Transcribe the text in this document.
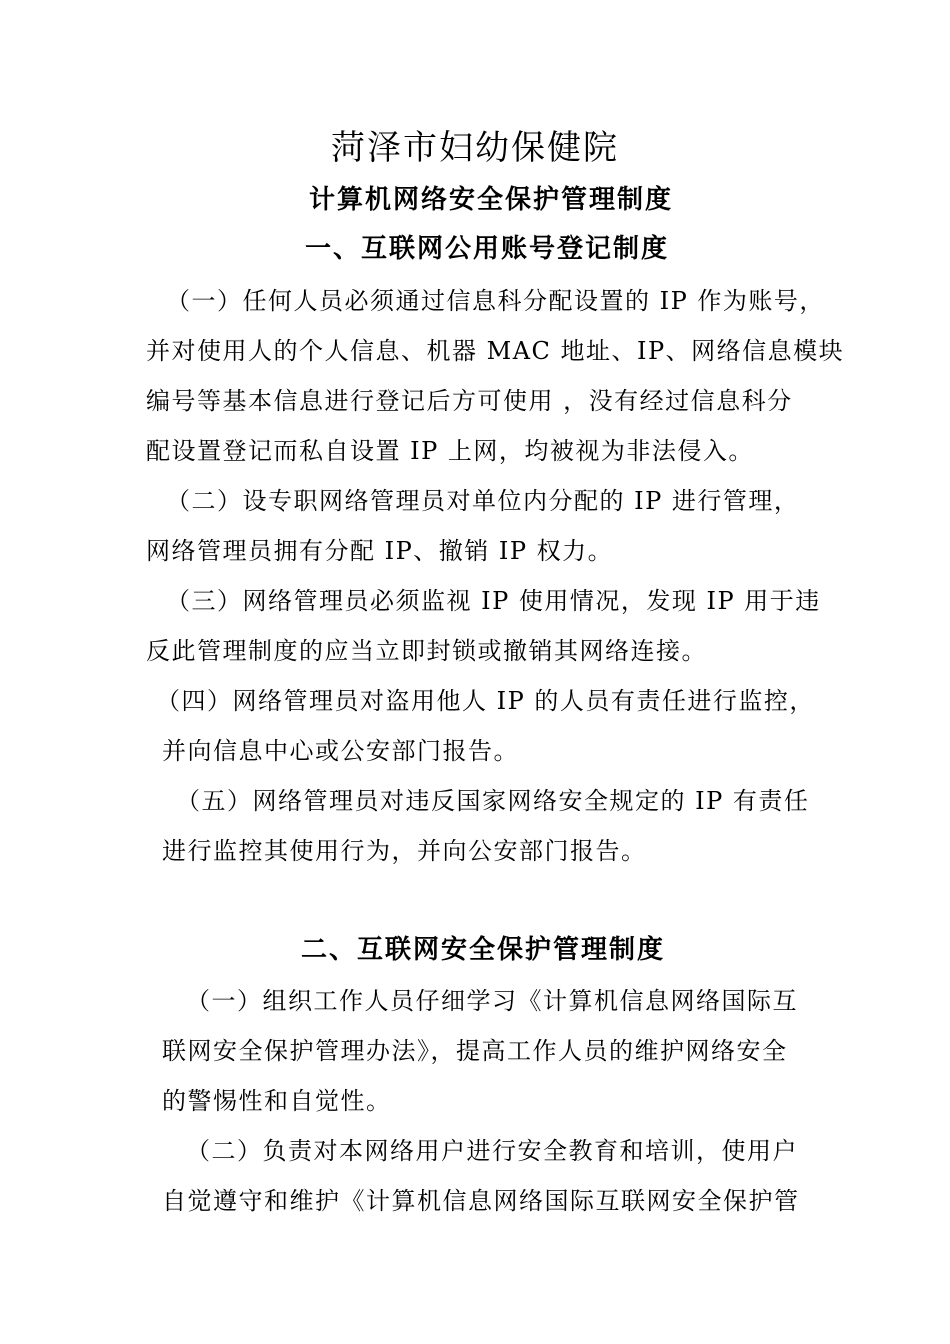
菏泽市妇幼保健院
计算机网络安全保护管理制度
一、互联网公用账号登记制度
（一）任何人员必须通过信息科分配设置的 IP 作为账号，
并对使用人的个人信息、机器 MAC 地址、IP、网络信息模块
编号等基本信息进行登记后方可使用 ，没有经过信息科分
配设置登记而私自设置 IP 上网，均被视为非法侵入。
（二）设专职网络管理员对单位内分配的 IP 进行管理，
网络管理员拥有分配 IP、撤销 IP 权力。
（三）网络管理员必须监视 IP 使用情况，发现 IP 用于违
反此管理制度的应当立即封锁或撤销其网络连接。
（四）网络管理员对盗用他人 IP 的人员有责任进行监控，
并向信息中心或公安部门报告。
（五）网络管理员对违反国家网络安全规定的 IP 有责任
进行监控其使用行为，并向公安部门报告。
二、互联网安全保护管理制度
（一）组织工作人员仔细学习《计算机信息网络国际互
联网安全保护管理办法》，提高工作人员的维护网络安全
的警惕性和自觉性。
（二）负责对本网络用户进行安全教育和培训，使用户
自觉遵守和维护《计算机信息网络国际互联网安全保护管
